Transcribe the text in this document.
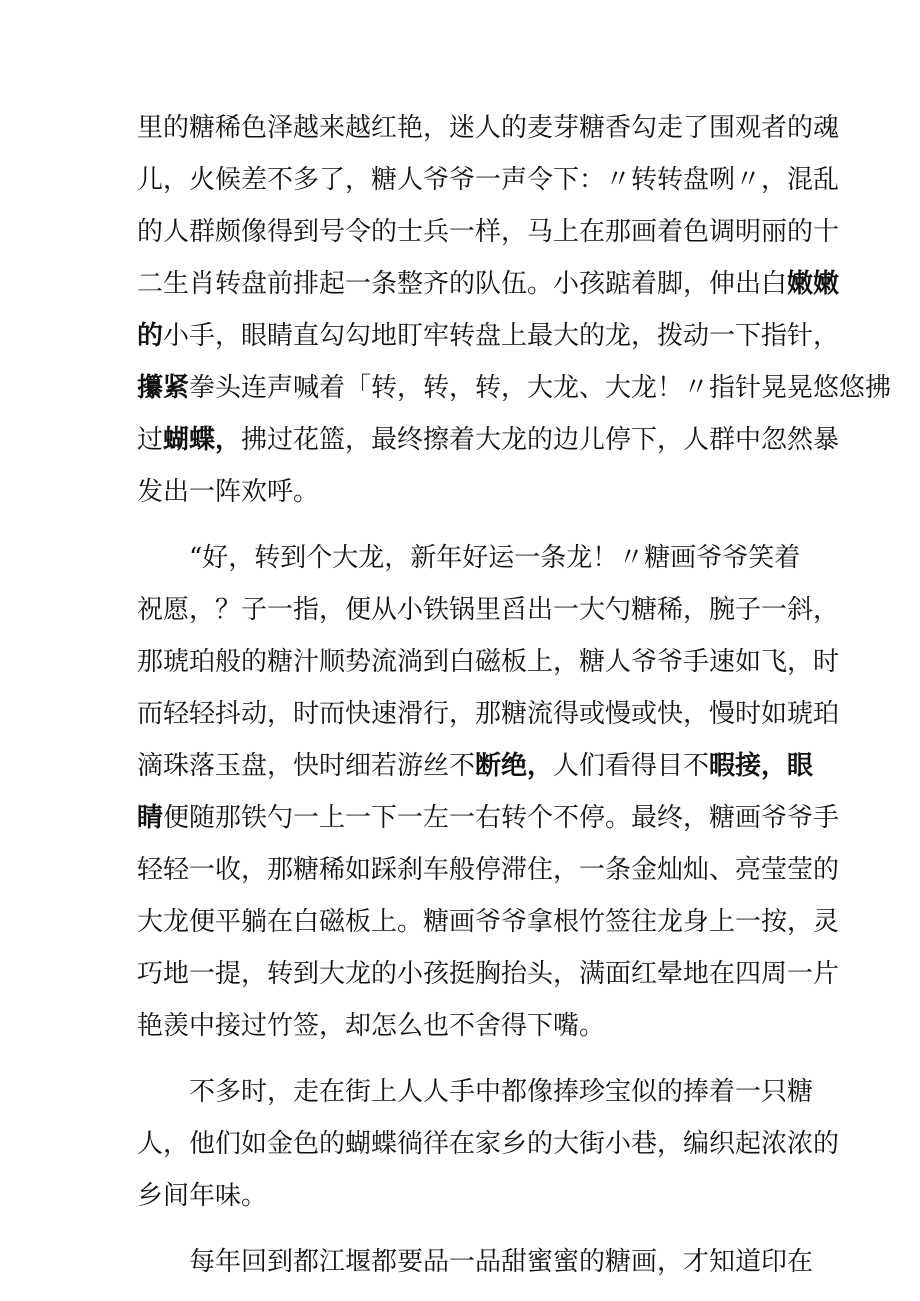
里的糖稀色泽越来越红艳，迷人的麦芽糖香勾走了围观者的魂
儿，火候差不多了，糖人爷爷一声令下：〃转转盘咧〃，混乱
的人群颇像得到号令的士兵一样，马上在那画着色调明丽的十
二生肖转盘前排起一条整齐的队伍。小孩踮着脚，伸出白嫩嫩
的小手，眼睛直勾勾地盯牢转盘上最大的龙，拨动一下指针，
攥紧拳头连声喊着「转，转，转，大龙、大龙！〃指针晃晃悠悠拂
过蝴蝶，拂过花篮，最终擦着大龙的边儿停下，人群中忽然暴
发出一阵欢呼。
“好，转到个大龙，新年好运一条龙！〃糖画爷爷笑着
祝愿，？子一指，便从小铁锅里舀出一大勺糖稀，腕子一斜，
那琥珀般的糖汁顺势流淌到白磁板上，糖人爷爷手速如飞，时
而轻轻抖动，时而快速滑行，那糖流得或慢或快，慢时如琥珀
滴珠落玉盘，快时细若游丝不断绝，人们看得目不暇接，眼
睛便随那铁勺一上一下一左一右转个不停。最终，糖画爷爷手
轻轻一收，那糖稀如踩刹车般停滞住，一条金灿灿、亮莹莹的
大龙便平躺在白磁板上。糖画爷爷拿根竹签往龙身上一按，灵
巧地一提，转到大龙的小孩挺胸抬头，满面红晕地在四周一片
艳羡中接过竹签，却怎么也不舍得下嘴。
不多时，走在街上人人手中都像捧珍宝似的捧着一只糖
人，他们如金色的蝴蝶徜徉在家乡的大街小巷，编织起浓浓的
乡间年味。
每年回到都江堰都要品一品甜蜜蜜的糖画，才知道印在
